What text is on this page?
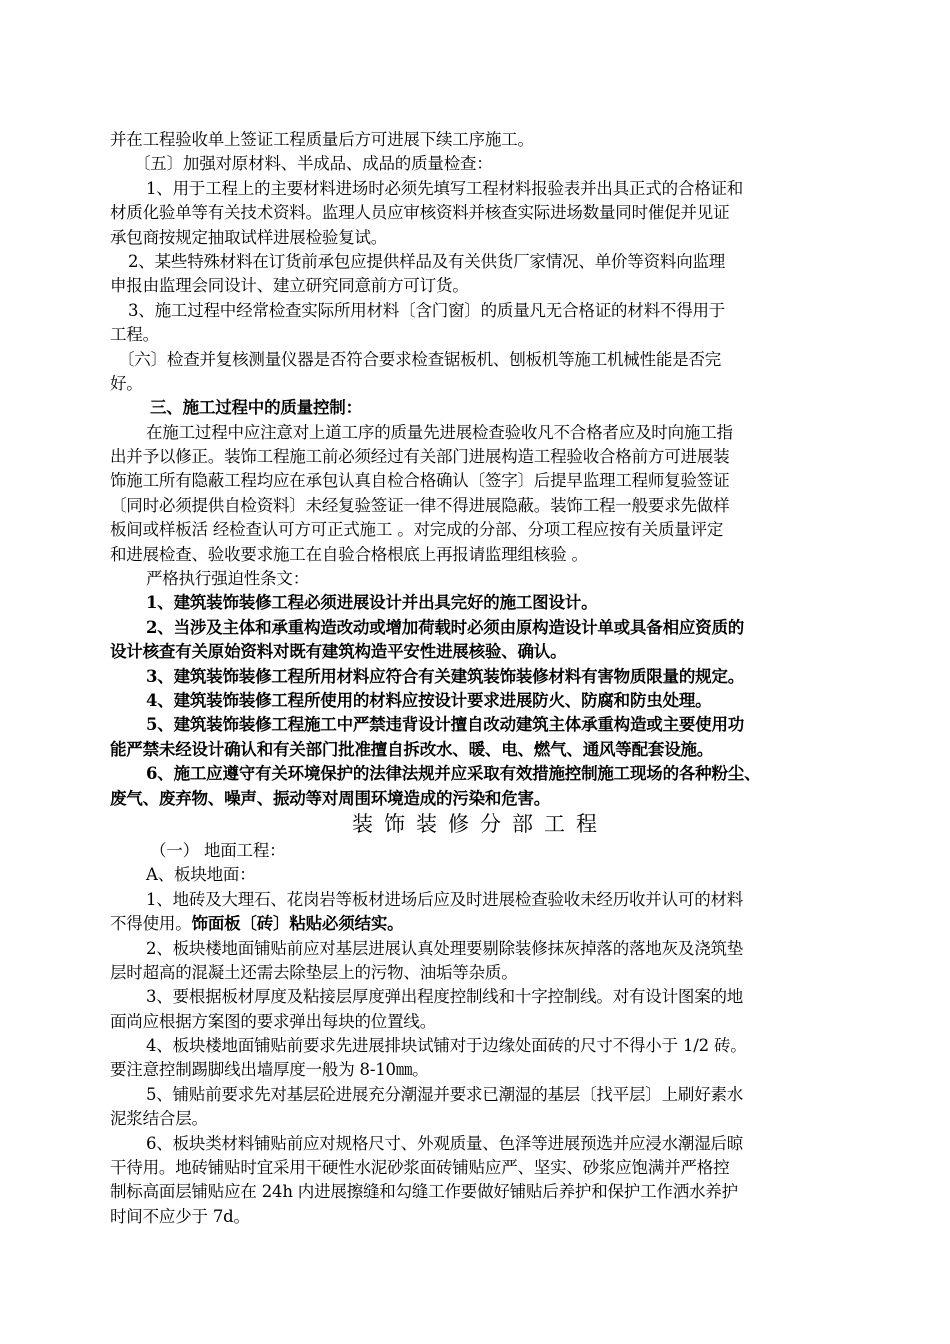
并在工程验收单上签证工程质量后方可进展下续工序施工。
〔五〕加强对原材料、半成品、成品的质量检查：
1、用于工程上的主要材料进场时必须先填写工程材料报验表并出具正式的合格证和
材质化验单等有关技术资料。监理人员应审核资料并核查实际进场数量同时催促并见证
承包商按规定抽取试样进展检验复试。
2、某些特殊材料在订货前承包应提供样品及有关供货厂家情况、单价等资料向监理
申报由监理会同设计、建立研究同意前方可订货。
3、施工过程中经常检查实际所用材料〔含门窗〕的质量凡无合格证的材料不得用于
工程。
〔六〕检查并复核测量仪器是否符合要求检查锯板机、刨板机等施工机械性能是否完
好。
三、施工过程中的质量控制：
在施工过程中应注意对上道工序的质量先进展检查验收凡不合格者应及时向施工指
出并予以修正。装饰工程施工前必须经过有关部门进展构造工程验收合格前方可进展装
饰施工所有隐蔽工程均应在承包认真自检合格确认〔签字〕后提早监理工程师复验签证
〔同时必须提供自检资料〕未经复验签证一律不得进展隐蔽。装饰工程一般要求先做样
板间或样板活 经检查认可方可正式施工 。对完成的分部、分项工程应按有关质量评定
和进展检查、验收要求施工在自验合格根底上再报请监理组核验 。
严格执行强迫性条文：
1、建筑装饰装修工程必须进展设计并出具完好的施工图设计。
2、当涉及主体和承重构造改动或增加荷载时必须由原构造设计单或具备相应资质的
设计核查有关原始资料对既有建筑构造平安性进展核验、确认。
3、建筑装饰装修工程所用材料应符合有关建筑装饰装修材料有害物质限量的规定。
4、建筑装饰装修工程所使用的材料应按设计要求进展防火、防腐和防虫处理。
5、建筑装饰装修工程施工中严禁违背设计擅自改动建筑主体承重构造或主要使用功
能严禁未经设计确认和有关部门批准擅自拆改水、暖、电、燃气、通风等配套设施。
6、施工应遵守有关环境保护的法律法规并应采取有效措施控制施工现场的各种粉尘、
废气、废弃物、噪声、振动等对周围环境造成的污染和危害。
装饰装修分部工程
（一） 地面工程：
A、板块地面：
1、地砖及大理石、花岗岩等板材进场后应及时进展检查验收未经历收并认可的材料
不得使用。饰面板〔砖〕粘贴必须结实。
2、板块楼地面铺贴前应对基层进展认真处理要剔除装修抹灰掉落的落地灰及浇筑垫
层时超高的混凝土还需去除垫层上的污物、油垢等杂质。
3、要根据板材厚度及粘接层厚度弹出程度控制线和十字控制线。对有设计图案的地
面尚应根据方案图的要求弹出每块的位置线。
4、板块楼地面铺贴前要求先进展排块试铺对于边缘处面砖的尺寸不得小于 1/2 砖。
要注意控制踢脚线出墙厚度一般为 8-10㎜。
5、铺贴前要求先对基层砼进展充分潮湿并要求已潮湿的基层〔找平层〕上刷好素水
泥浆结合层。
6、板块类材料铺贴前应对规格尺寸、外观质量、色泽等进展预选并应浸水潮湿后晾
干待用。地砖铺贴时宜采用干硬性水泥砂浆面砖铺贴应严、坚实、砂浆应饱满并严格控
制标高面层铺贴应在 24h 内进展擦缝和勾缝工作要做好铺贴后养护和保护工作洒水养护
时间不应少于 7d。
